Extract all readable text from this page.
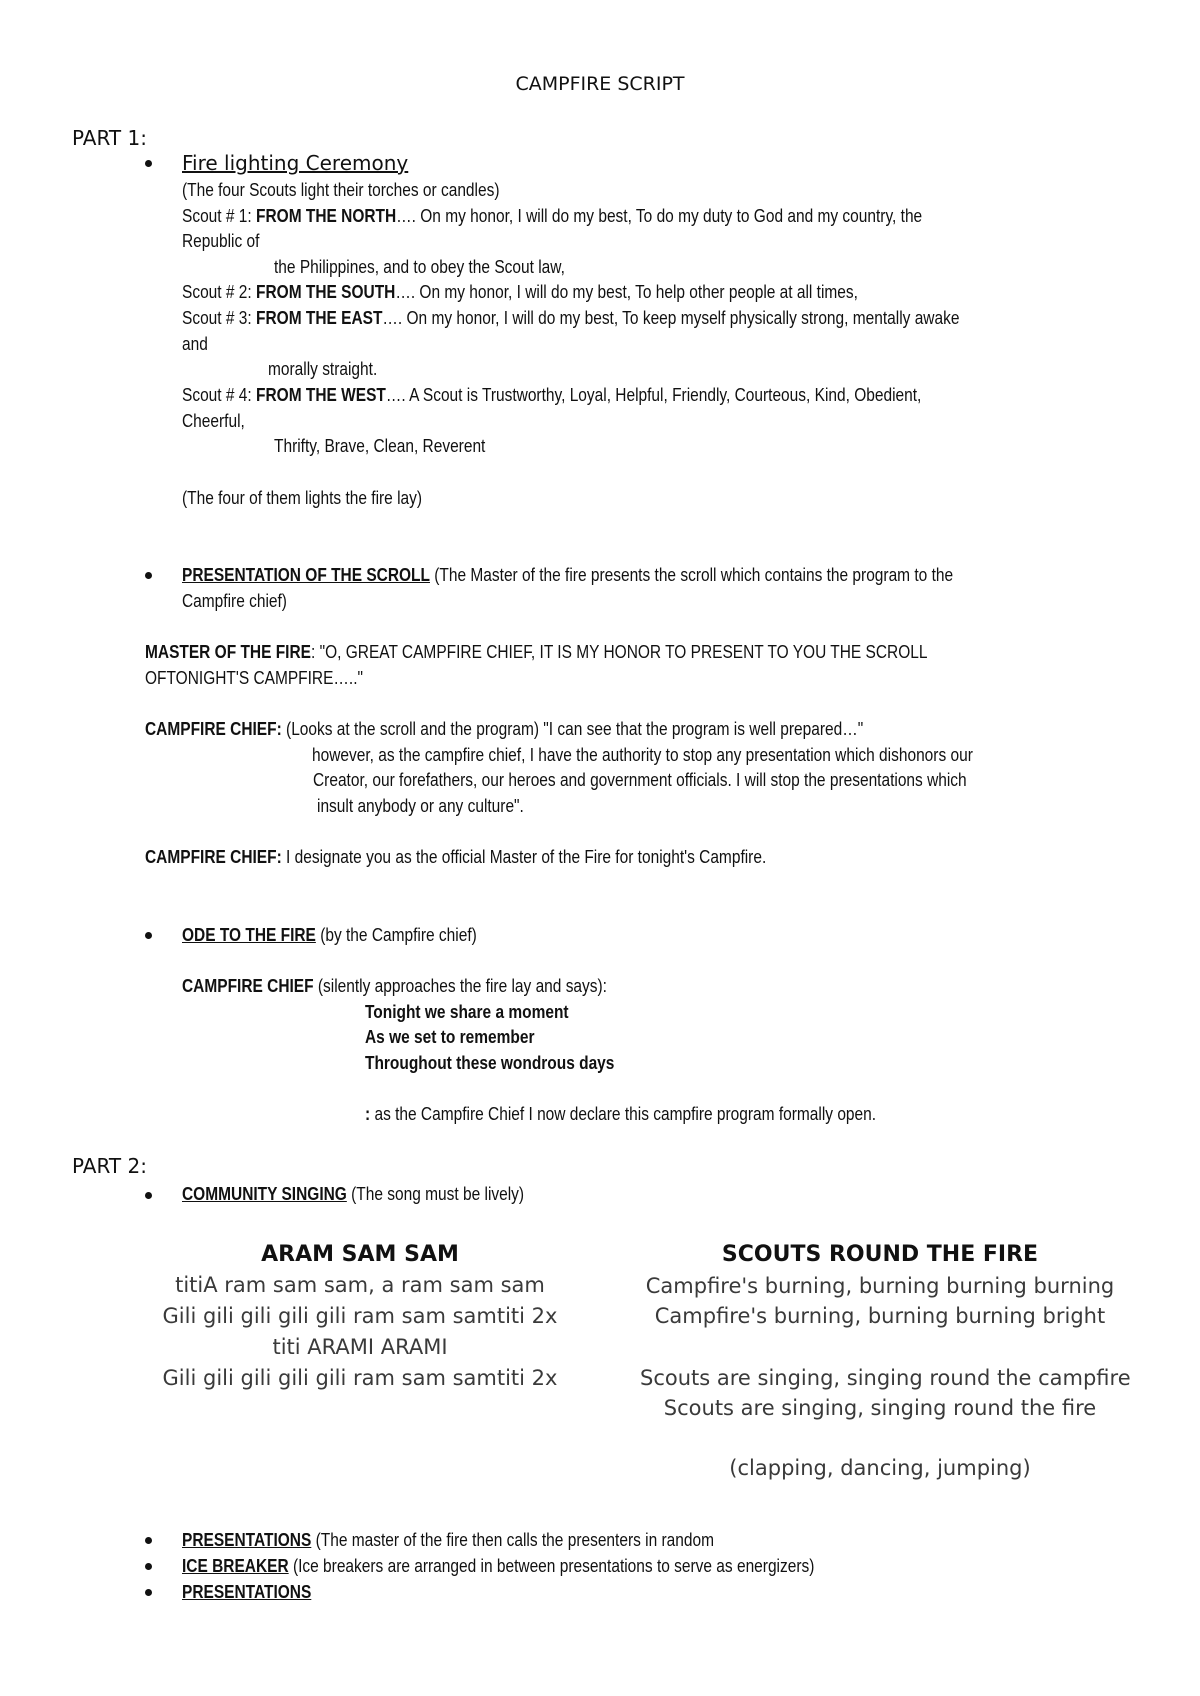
CAMPFIRE SCRIPT
PART 1:
Fire lighting Ceremony
(The four Scouts light their torches or candles)
Scout # 1: FROM THE NORTH…. On my honor, I will do my best, To do my duty to God and my country, the
Republic of
the Philippines, and to obey the Scout law,
Scout # 2: FROM THE SOUTH…. On my honor, I will do my best, To help other people at all times,
Scout # 3: FROM THE EAST…. On my honor, I will do my best, To keep myself physically strong, mentally awake
and
morally straight.
Scout # 4: FROM THE WEST…. A Scout is Trustworthy, Loyal, Helpful, Friendly, Courteous, Kind, Obedient,
Cheerful,
Thrifty, Brave, Clean, Reverent
(The four of them lights the fire lay)
PRESENTATION OF THE SCROLL (The Master of the fire presents the scroll which contains the program to the
Campfire chief)
MASTER OF THE FIRE: "O, GREAT CAMPFIRE CHIEF, IT IS MY HONOR TO PRESENT TO YOU THE SCROLL
OFTONIGHT'S CAMPFIRE….."
CAMPFIRE CHIEF: (Looks at the scroll and the program) "I can see that the program is well prepared…"
however, as the campfire chief, I have the authority to stop any presentation which dishonors our
Creator, our forefathers, our heroes and government officials. I will stop the presentations which
insult anybody or any culture".
CAMPFIRE CHIEF: I designate you as the official Master of the Fire for tonight's Campfire.
ODE TO THE FIRE (by the Campfire chief)
CAMPFIRE CHIEF (silently approaches the fire lay and says):
Tonight we share a moment
As we set to remember
Throughout these wondrous days
: as the Campfire Chief I now declare this campfire program formally open.
PART 2:
COMMUNITY SINGING (The song must be lively)
ARAM SAM SAM
titiA ram sam sam, a ram sam sam
Gili gili gili gili gili ram sam samtiti 2x
titi ARAMI ARAMI
Gili gili gili gili gili ram sam samtiti 2x
SCOUTS ROUND THE FIRE
Campfire's burning, burning burning burning
Campfire's burning, burning burning bright
Scouts are singing, singing round the campfire
Scouts are singing, singing round the fire
(clapping, dancing, jumping)
PRESENTATIONS (The master of the fire then calls the presenters in random
ICE BREAKER (Ice breakers are arranged in between presentations to serve as energizers)
PRESENTATIONS
